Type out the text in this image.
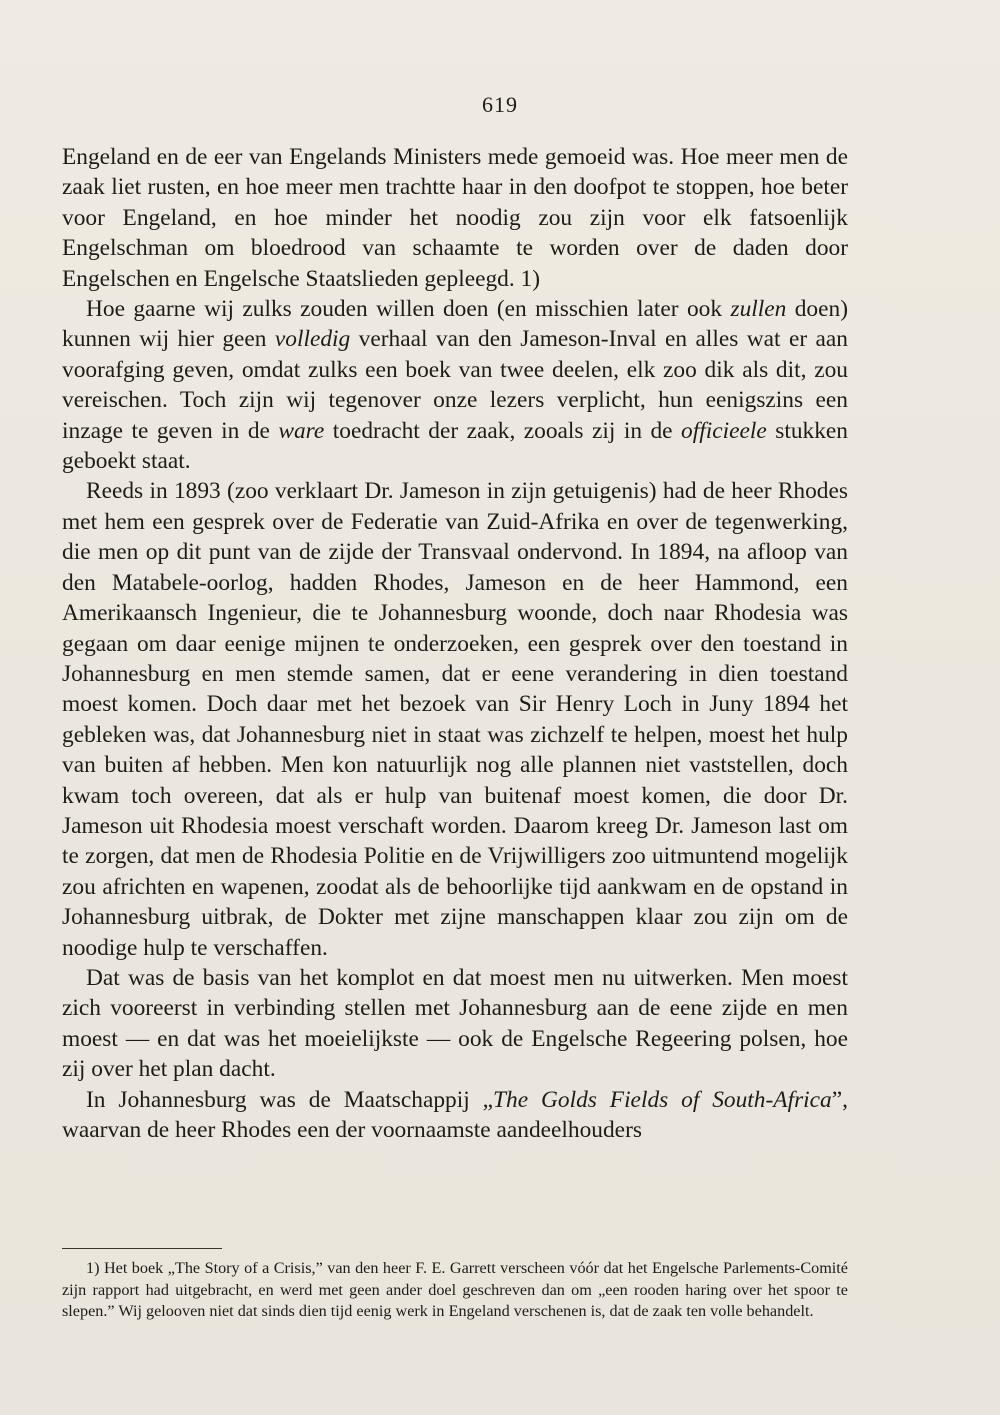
619

Engeland en de eer van Engelands Ministers mede gemoeid was. Hoe meer men de zaak liet rusten, en hoe meer men trachtte haar in den doofpot te stoppen, hoe beter voor Engeland, en hoe minder het noodig zou zijn voor elk fatsoenlijk Engelschman om bloedrood van schaamte te worden over de daden door Engelschen en Engelsche Staatslieden gepleegd. 1)

Hoe gaarne wij zulks zouden willen doen (en misschien later ook zullen doen) kunnen wij hier geen volledig verhaal van den Jameson-Inval en alles wat er aan voorafging geven, omdat zulks een boek van twee deelen, elk zoo dik als dit, zou vereischen. Toch zijn wij tegenover onze lezers verplicht, hun eenigszins een inzage te geven in de ware toedracht der zaak, zooals zij in de officieele stukken geboekt staat.

Reeds in 1893 (zoo verklaart Dr. Jameson in zijn getuigenis) had de heer Rhodes met hem een gesprek over de Federatie van Zuid-Afrika en over de tegenwerking, die men op dit punt van de zijde der Transvaal ondervond. In 1894, na afloop van den Matabele-oorlog, hadden Rhodes, Jameson en de heer Hammond, een Amerikaansch Ingenieur, die te Johannesburg woonde, doch naar Rhodesia was gegaan om daar eenige mijnen te onderzoeken, een gesprek over den toestand in Johannesburg en men stemde samen, dat er eene verandering in dien toestand moest komen. Doch daar met het bezoek van Sir Henry Loch in Juny 1894 het gebleken was, dat Johannesburg niet in staat was zichzelf te helpen, moest het hulp van buiten af hebben. Men kon natuurlijk nog alle plannen niet vaststellen, doch kwam toch overeen, dat als er hulp van buitenaf moest komen, die door Dr. Jameson uit Rhodesia moest verschaft worden. Daarom kreeg Dr. Jameson last om te zorgen, dat men de Rhodesia Politie en de Vrijwilligers zoo uitmuntend mogelijk zou africhten en wapenen, zoodat als de behoorlijke tijd aankwam en de opstand in Johannesburg uitbrak, de Dokter met zijne manschappen klaar zou zijn om de noodige hulp te verschaffen.

Dat was de basis van het komplot en dat moest men nu uitwerken. Men moest zich vooreerst in verbinding stellen met Johannesburg aan de eene zijde en men moest — en dat was het moeielijkste — ook de Engelsche Regeering polsen, hoe zij over het plan dacht.

In Johannesburg was de Maatschappij „The Golds Fields of South-Africa”, waarvan de heer Rhodes een der voornaamste aandeelhouders

1) Het boek „The Story of a Crisis,” van den heer F. E. Garrett verscheen vóór dat het Engelsche Parlements-Comité zijn rapport had uitgebracht, en werd met geen ander doel geschreven dan om „een rooden haring over het spoor te slepen.” Wij gelooven niet dat sinds dien tijd eenig werk in Engeland verschenen is, dat de zaak ten volle behandelt.
